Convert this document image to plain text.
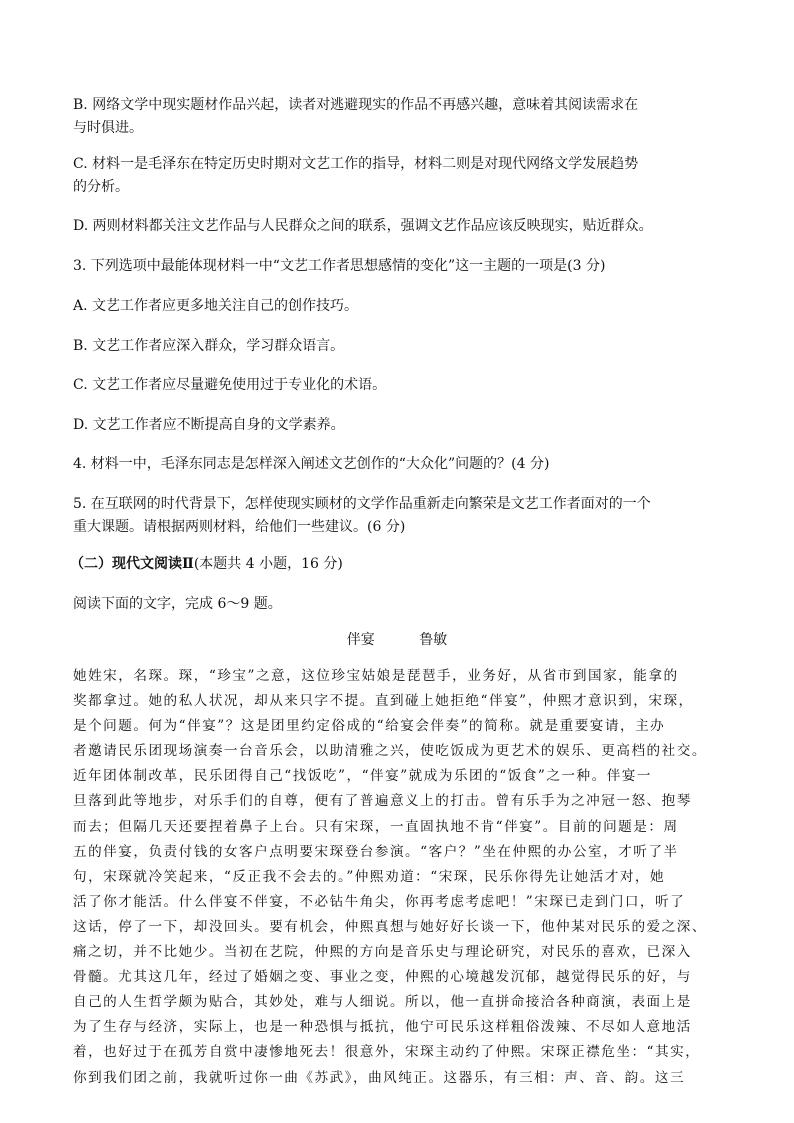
B. 网络文学中现实题材作品兴起，读者对逃避现实的作品不再感兴趣，意味着其阅读需求在
与时俱进。
C. 材料一是毛泽东在特定历史时期对文艺工作的指导，材料二则是对现代网络文学发展趋势
的分析。
D. 两则材料都关注文艺作品与人民群众之间的联系，强调文艺作品应该反映现实，贴近群众。
3. 下列选项中最能体现材料一中“文艺工作者思想感情的变化”这一主题的一项是(3 分)
A. 文艺工作者应更多地关注自己的创作技巧。
B. 文艺工作者应深入群众，学习群众语言。
C. 文艺工作者应尽量避免使用过于专业化的术语。
D. 文艺工作者应不断提高自身的文学素养。
4. 材料一中，毛泽东同志是怎样深入阐述文艺创作的“大众化”问题的？(4 分)
5. 在互联网的时代背景下，怎样使现实顾材的文学作品重新走向繁荣是文艺工作者面对的一个
重大课题。请根据两则材料，给他们一些建议。(6 分)
（二）现代文阅读Ⅱ(本题共 4 小题，16 分)
阅读下面的文字，完成 6～9 题。
伴宴	鲁敏
她姓宋，名琛。琛，“珍宝”之意，这位珍宝姑娘是琵琶手，业务好，从省市到国家，能拿的
奖都拿过。她的私人状况，却从来只字不提。直到碰上她拒绝“伴宴”，仲熙才意识到，宋琛，
是个问题。何为“伴宴”？这是团里约定俗成的“给宴会伴奏”的简称。就是重要宴请，主办
者邀请民乐团现场演奏一台音乐会，以助清雅之兴，使吃饭成为更艺术的娱乐、更高档的社交。
近年团体制改革，民乐团得自己“找饭吃”，“伴宴”就成为乐团的“饭食”之一种。伴宴一
旦落到此等地步，对乐手们的自尊，便有了普遍意义上的打击。曾有乐手为之冲冠一怒、抱琴
而去；但隔几天还要捏着鼻子上台。只有宋琛，一直固执地不肯“伴宴”。目前的问题是：周
五的伴宴，负责付钱的女客户点明要宋琛登台参演。“客户？”坐在仲熙的办公室，才听了半
句，宋琛就冷笑起来，“反正我不会去的。”仲熙劝道：“宋琛，民乐你得先让她活才对，她
活了你才能活。什么伴宴不伴宴，不必钻牛角尖，你再考虑考虑吧！”宋琛已走到门口，听了
这话，停了一下，却没回头。要有机会，仲熙真想与她好好长谈一下，他仲某对民乐的爱之深、
痛之切，并不比她少。当初在艺院，仲熙的方向是音乐史与理论研究，对民乐的喜欢，已深入
骨髓。尤其这几年，经过了婚姻之变、事业之变，仲熙的心境越发沉郁，越觉得民乐的好，与
自己的人生哲学颇为贴合，其妙处，难与人细说。所以，他一直拼命接洽各种商演，表面上是
为了生存与经济，实际上，也是一种恐惧与抵抗，他宁可民乐这样粗俗泼辣、不尽如人意地活
着，也好过于在孤芳自赏中凄惨地死去！很意外，宋琛主动约了仲熙。宋琛正襟危坐：“其实，
你到我们团之前，我就听过你一曲《苏武》，曲风纯正。这器乐，有三相：声、音、韵。这三
